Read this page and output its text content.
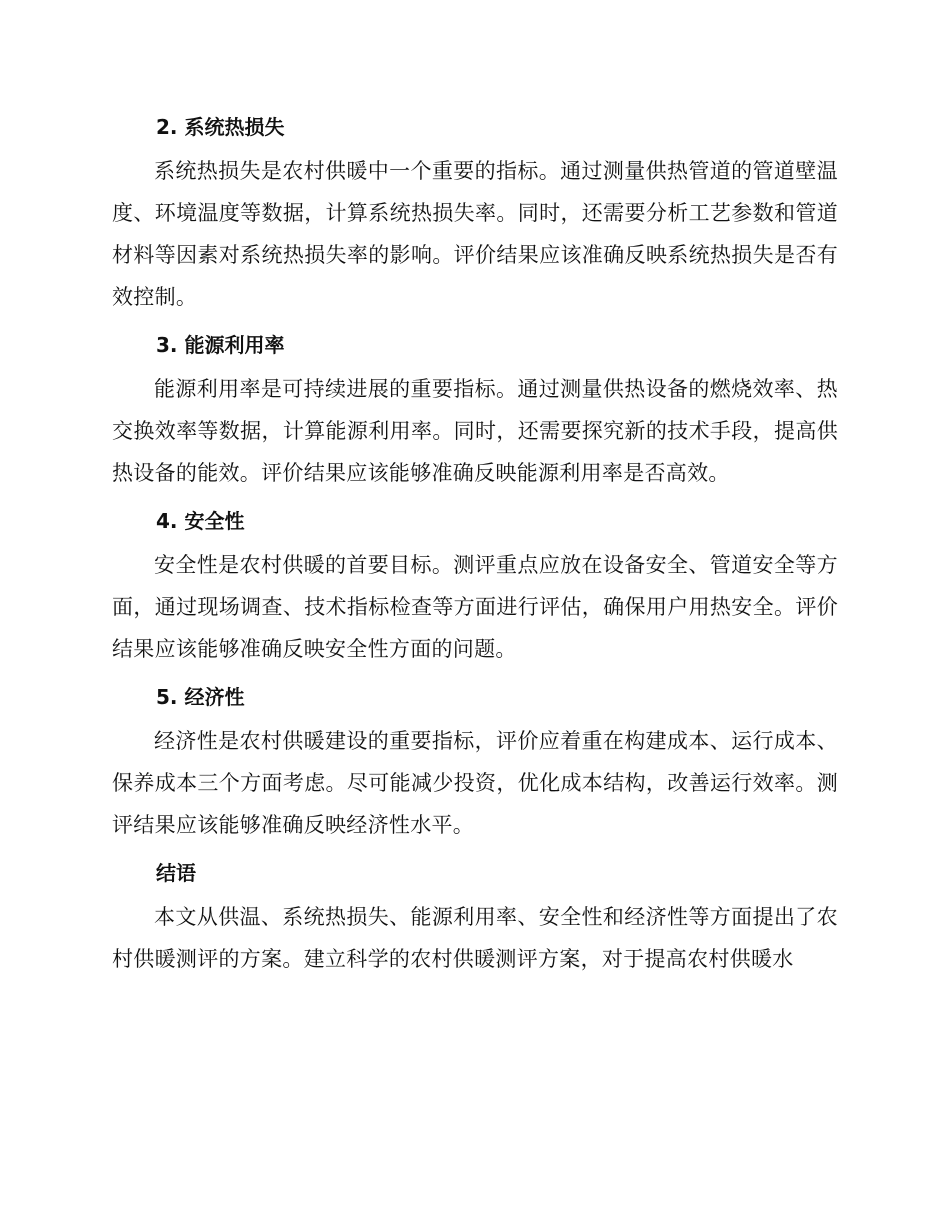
2. 系统热损失

系统热损失是农村供暖中一个重要的指标。通过测量供热管道的管道壁温度、环境温度等数据，计算系统热损失率。同时，还需要分析工艺参数和管道材料等因素对系统热损失率的影响。评价结果应该准确反映系统热损失是否有效控制。

3. 能源利用率

能源利用率是可持续进展的重要指标。通过测量供热设备的燃烧效率、热交换效率等数据，计算能源利用率。同时，还需要探究新的技术手段，提高供热设备的能效。评价结果应该能够准确反映能源利用率是否高效。

4. 安全性

安全性是农村供暖的首要目标。测评重点应放在设备安全、管道安全等方面，通过现场调查、技术指标检查等方面进行评估，确保用户用热安全。评价结果应该能够准确反映安全性方面的问题。

5. 经济性

经济性是农村供暖建设的重要指标，评价应着重在构建成本、运行成本、保养成本三个方面考虑。尽可能减少投资，优化成本结构，改善运行效率。测评结果应该能够准确反映经济性水平。

结语

本文从供温、系统热损失、能源利用率、安全性和经济性等方面提出了农村供暖测评的方案。建立科学的农村供暖测评方案，对于提高农村供暖水
